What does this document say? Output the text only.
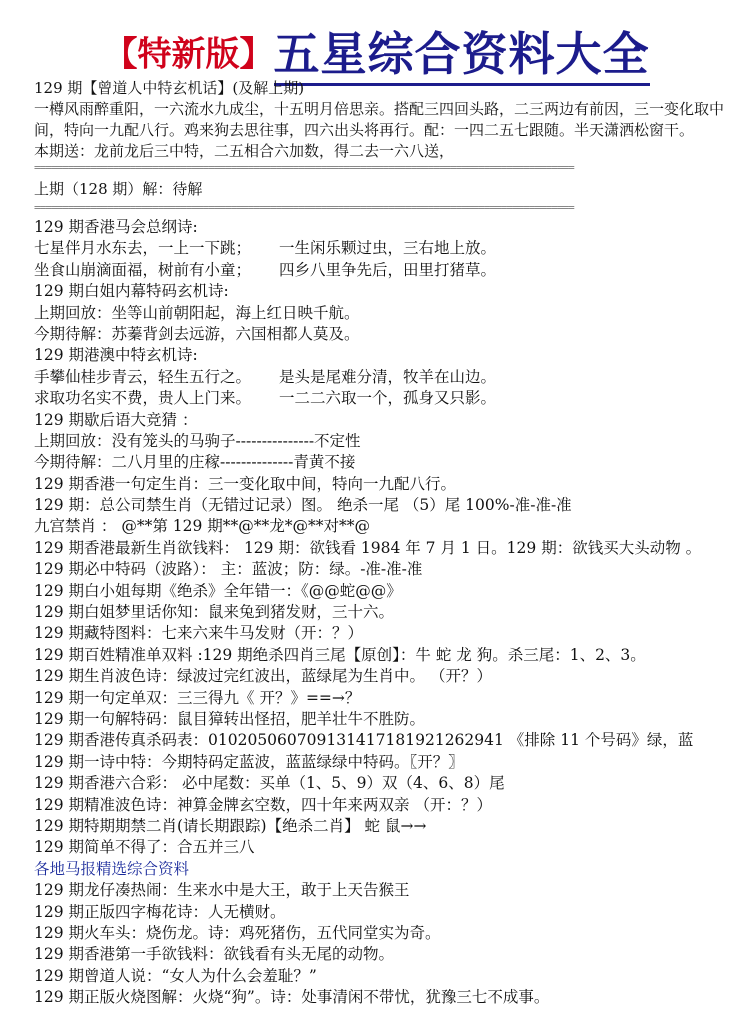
【特新版】五星综合资料大全

129 期【曾道人中特玄机话】(及解上期)

一樽风雨醉重阳，一六流水九成尘，十五明月倍思亲。搭配三四回头路，二三两边有前因，三一变化取中间，特向一九配八行。鸡来狗去思往事，四六出头将再行。配：一四二五七跟随。半天潇洒松窗干。

本期送：龙前龙后三中特，二五相合六加数，得二去一六八送，

================================================================================================

上期（128 期）解：待解

================================================================================================
129 期香港马会总纲诗:
七星伴月水东去，一上一下跳； 一生闲乐颗过虫，三右地上放。
坐食山崩滴面福，树前有小童； 四乡八里争先后，田里打猪草。
129 期白姐内幕特码玄机诗:
上期回放：坐等山前朝阳起，海上红日映千航。
今期待解：苏蓁背剑去远游，六国相都人莫及。
129 期港澳中特玄机诗:
手攀仙桂步青云，轻生五行之。 是头是尾难分清，牧羊在山边。
求取功名实不费，贵人上门来。 一二二六取一个，孤身又只影。
129 期歇后语大竞猜 ：
上期回放：没有笼头的马驹子---------------不定性
今期待解：二八月里的庄稼--------------青黄不接
129 期香港一句定生肖：三一变化取中间，特向一九配八行。
129 期：总公司禁生肖（无错过记录）图。 绝杀一尾 （5）尾 100%-准-准-准
九宫禁肖 ： @**第 129 期**@**龙*@**对**@
129 期香港最新生肖欲钱料： 129 期：欲钱看 1984 年 7 月 1 日。129 期：欲钱买大头动物 。
129 期必中特码（波路）： 主：蓝波；防：绿。-准-准-准
129 期白小姐每期《绝杀》全年错一：《@@蛇@@》
129 期白姐梦里话你知：鼠来兔到猪发财，三十六。
129 期藏特图料：七来六来牛马发财（开：？）
129 期百姓精准单双料 :129 期绝杀四肖三尾【原创】：牛 蛇 龙 狗。杀三尾：1、2、3。
129 期生肖波色诗：绿波过完红波出，蓝绿尾为生肖中。 （开？）
129 期一句定单双：三三得九《 开？》==→？
129 期一句解特码：鼠目獐转出怪招，肥羊壮牛不胜防。
129 期香港传真杀码表：0102050607091314171819212629​41 《排除 11 个号码》绿，蓝
129 期一诗中特：今期特码定蓝波，蓝蓝绿绿中特码。〖开？〗
129 期香港六合彩： 必中尾数：买单（1、5、9）双（4、6、8）尾
129 期精准波色诗：神算金牌玄空数，四十年来两双亲 （开：？）
129 期特期期禁二肖(请长期跟踪)【绝杀二肖】 蛇 鼠→→
129 期简单不得了：合五并三八
各地马报精选综合资料
129 期龙仔凑热闹：生来水中是大王，敢于上天告猴王
129 期正版四字梅花诗：人无横财。
129 期火车头：烧伤龙。诗：鸡死猪伤，五代同堂实为奇。
129 期香港第一手欲钱料：欲钱看有头无尾的动物。
129 期曾道人说：“女人为什么会羞耻？”
129 期正版火烧图解：火烧“狗”。诗：处事清闲不带忧，犹豫三七不成事。
